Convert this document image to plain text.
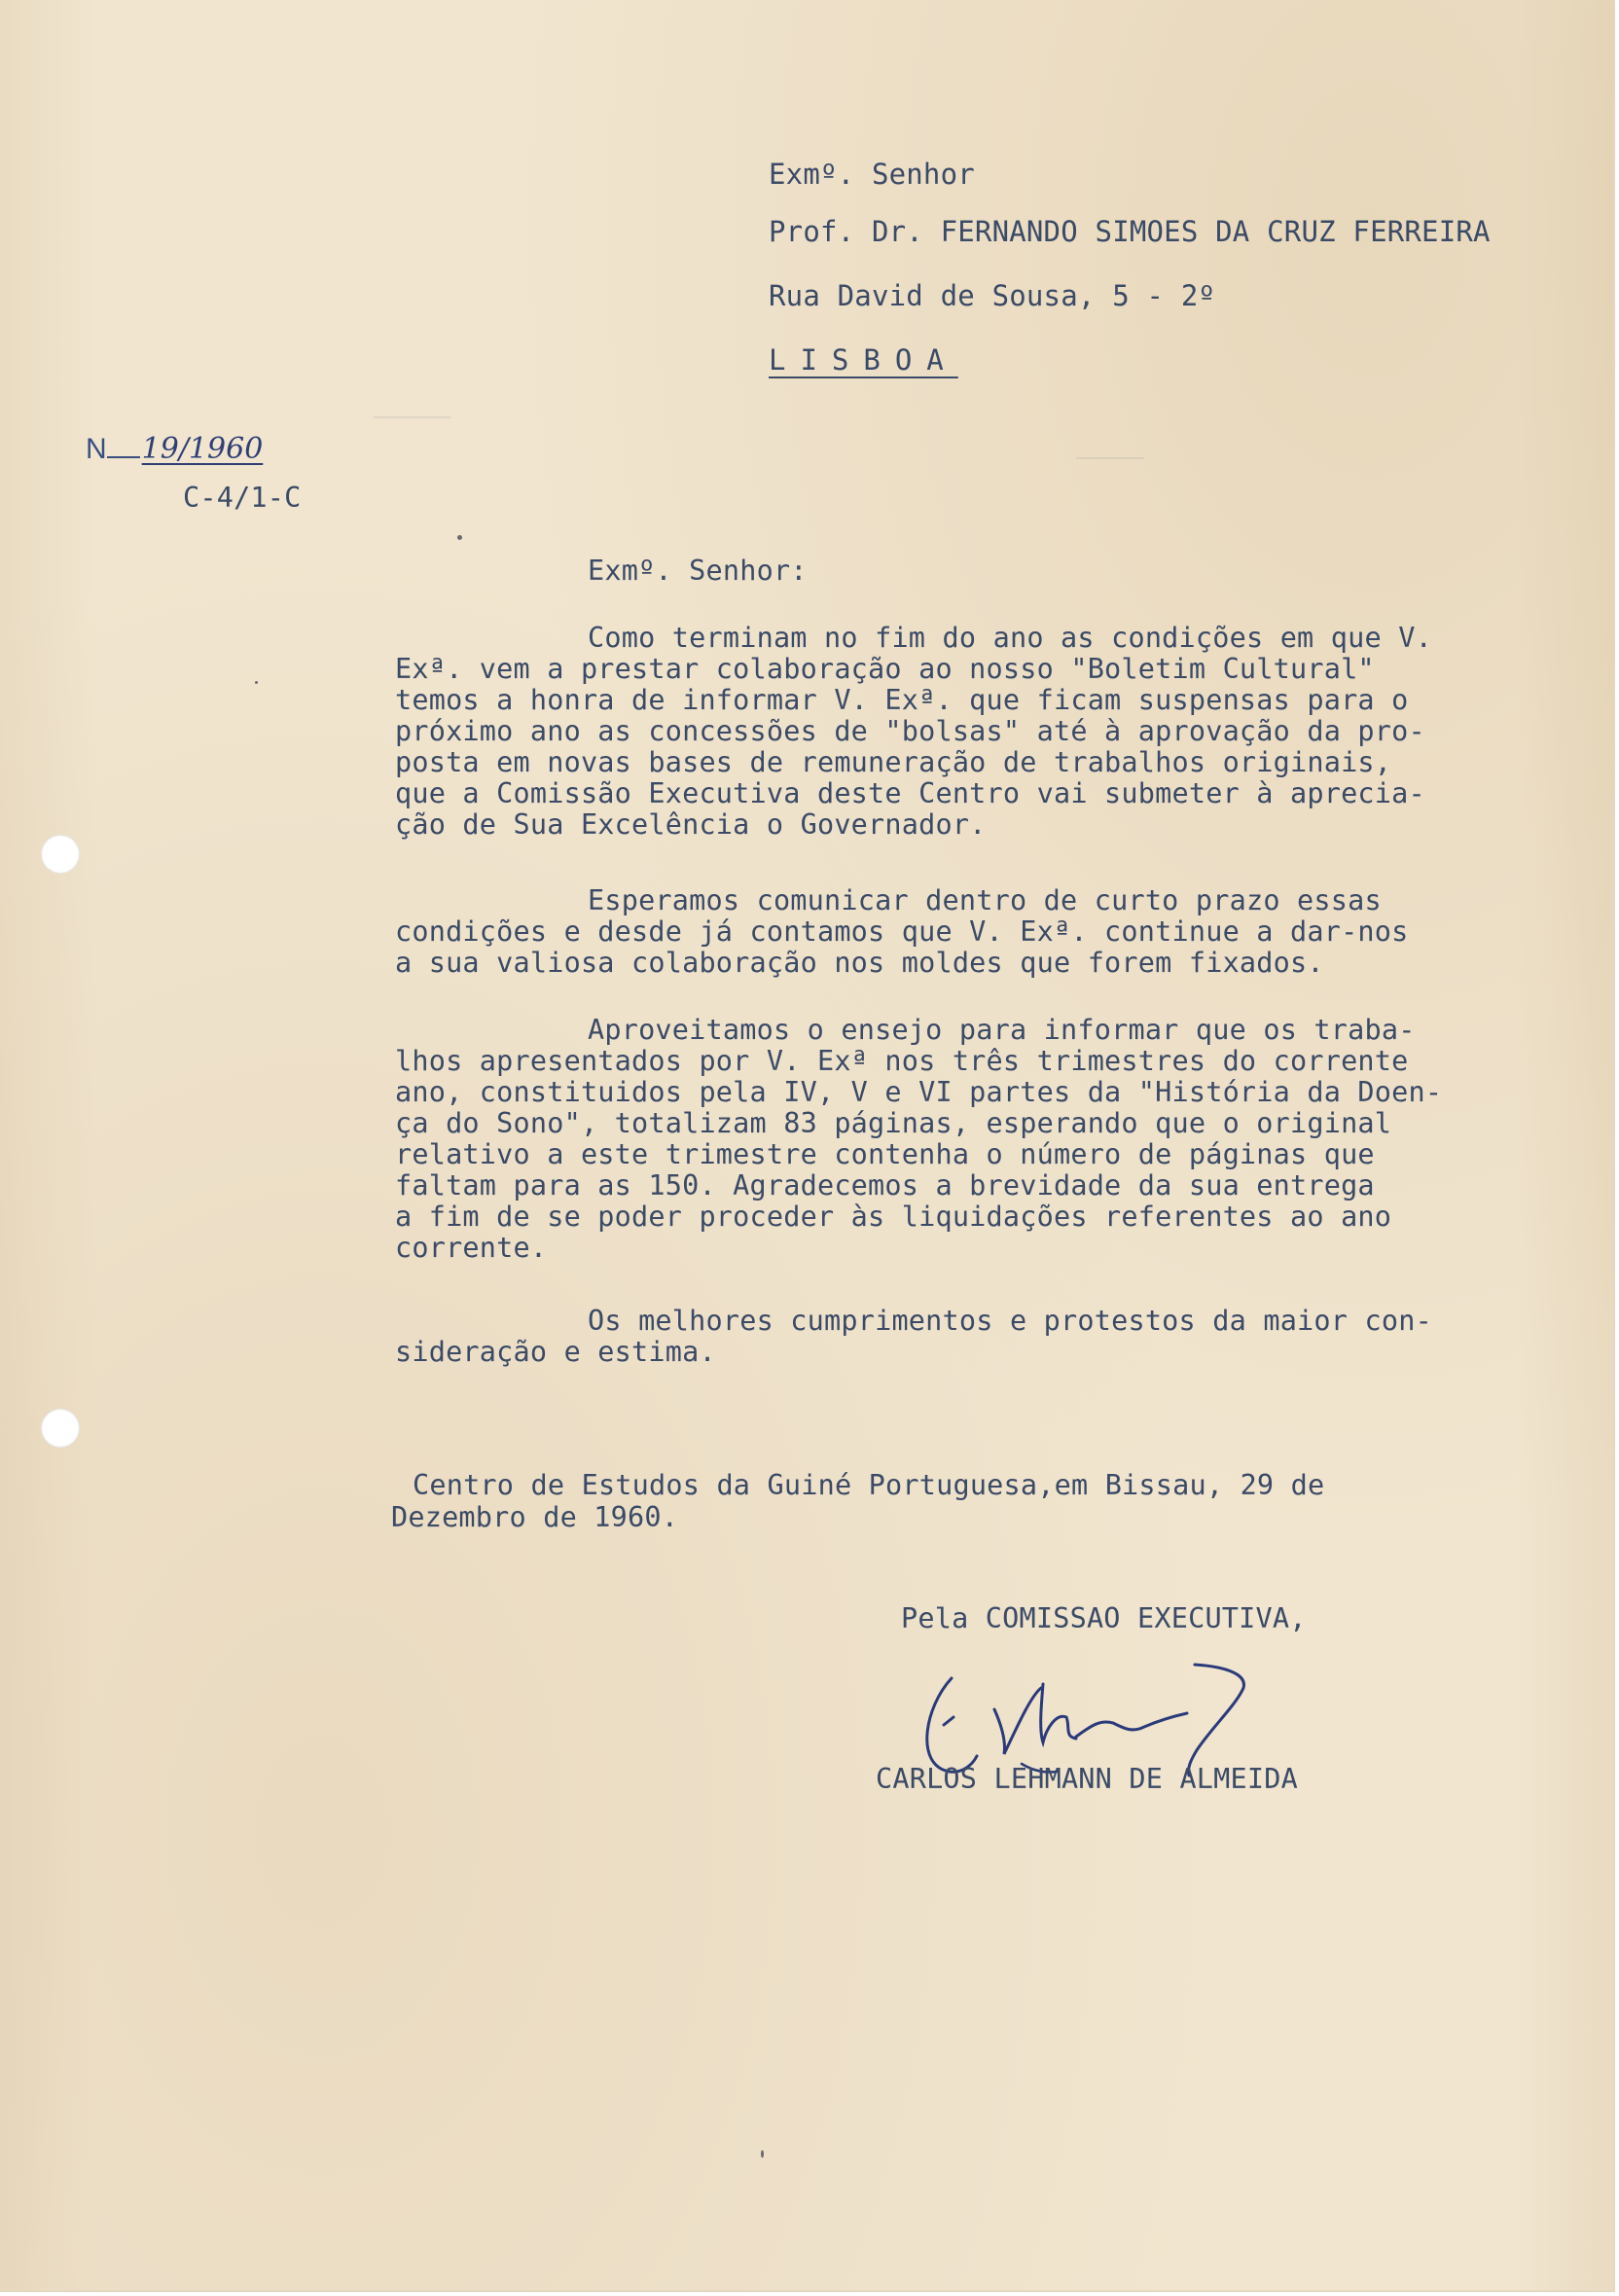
Exmº. Senhor

Prof. Dr. FERNANDO SIMOES DA CRUZ FERREIRA

Rua David de Sousa, 5 - 2º

LISBOA

N 19/1960

C-4/1-C

Exmº. Senhor:

Como terminam no fim do ano as condições em que V.

Exª. vem a prestar colaboração ao nosso "Boletim Cultural"

temos a honra de informar V. Exª. que ficam suspensas para o

próximo ano as concessões de "bolsas" até à aprovação da pro-

posta em novas bases de remuneração de trabalhos originais,

que a Comissão Executiva deste Centro vai submeter à aprecia-

ção de Sua Excelência o Governador.

Esperamos comunicar dentro de curto prazo essas

condições e desde já contamos que V. Exª. continue a dar-nos

a sua valiosa colaboração nos moldes que forem fixados.

Aproveitamos o ensejo para informar que os traba-

lhos apresentados por V. Exª nos três trimestres do corrente

ano, constituidos pela IV, V e VI partes da "História da Doen-

ça do Sono", totalizam 83 páginas, esperando que o original

relativo a este trimestre contenha o número de páginas que

faltam para as 150. Agradecemos a brevidade da sua entrega

a fim de se poder proceder às liquidações referentes ao ano

corrente.

Os melhores cumprimentos e protestos da maior con-

sideração e estima.

Centro de Estudos da Guiné Portuguesa,em Bissau, 29 de

Dezembro de 1960.

Pela COMISSAO EXECUTIVA,

CARLOS LEHMANN DE ALMEIDA
